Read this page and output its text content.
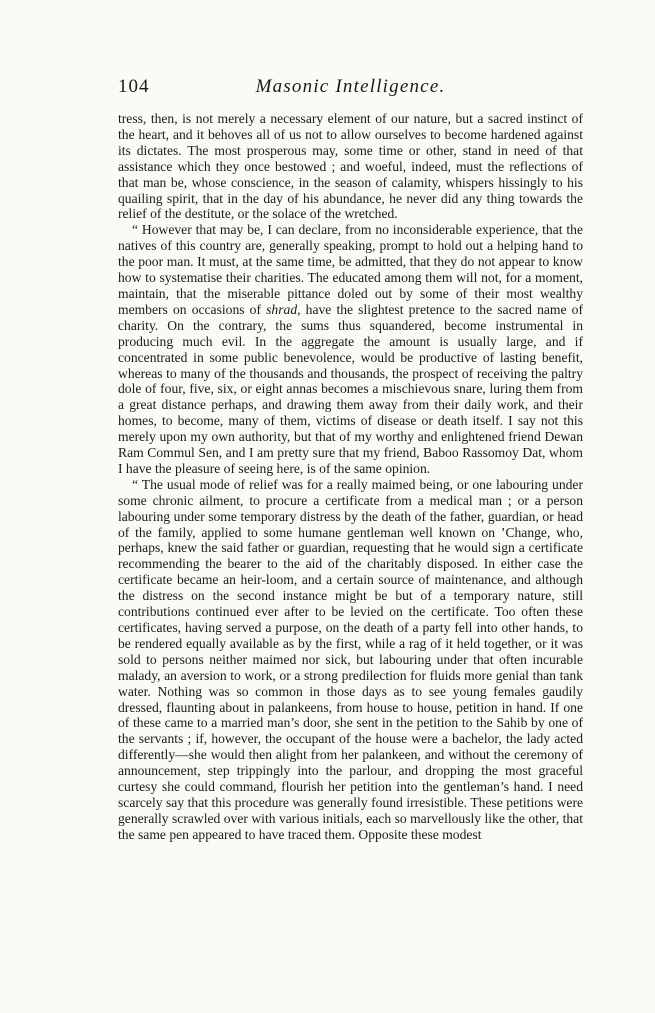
104	Masonic Intelligence.

tress, then, is not merely a necessary element of our nature, but a sacred instinct of the heart, and it behoves all of us not to allow ourselves to become hardened against its dictates. The most prosperous may, some time or other, stand in need of that assistance which they once bestowed ; and woeful, indeed, must the reflections of that man be, whose conscience, in the season of calamity, whispers hissingly to his quailing spirit, that in the day of his abundance, he never did any thing towards the relief of the destitute, or the solace of the wretched.

“ However that may be, I can declare, from no inconsiderable experience, that the natives of this country are, generally speaking, prompt to hold out a helping hand to the poor man. It must, at the same time, be admitted, that they do not appear to know how to systematise their charities. The educated among them will not, for a moment, maintain, that the miserable pittance doled out by some of their most wealthy members on occasions of shrad, have the slightest pretence to the sacred name of charity. On the contrary, the sums thus squandered, become instrumental in producing much evil. In the aggregate the amount is usually large, and if concentrated in some public benevolence, would be productive of lasting benefit, whereas to many of the thousands and thousands, the prospect of receiving the paltry dole of four, five, six, or eight annas becomes a mischievous snare, luring them from a great distance perhaps, and drawing them away from their daily work, and their homes, to become, many of them, victims of disease or death itself. I say not this merely upon my own authority, but that of my worthy and enlightened friend Dewan Ram Commul Sen, and I am pretty sure that my friend, Baboo Rassomoy Dat, whom I have the pleasure of seeing here, is of the same opinion.

“ The usual mode of relief was for a really maimed being, or one labouring under some chronic ailment, to procure a certificate from a medical man ; or a person labouring under some temporary distress by the death of the father, guardian, or head of the family, applied to some humane gentleman well known on ’Change, who, perhaps, knew the said father or guardian, requesting that he would sign a certificate recommending the bearer to the aid of the charitably disposed. In either case the certificate became an heir-loom, and a certain source of maintenance, and although the distress on the second instance might be but of a temporary nature, still contributions continued ever after to be levied on the certificate. Too often these certificates, having served a purpose, on the death of a party fell into other hands, to be rendered equally available as by the first, while a rag of it held together, or it was sold to persons neither maimed nor sick, but labouring under that often incurable malady, an aversion to work, or a strong predilection for fluids more genial than tank water. Nothing was so common in those days as to see young females gaudily dressed, flaunting about in palankeens, from house to house, petition in hand. If one of these came to a married man’s door, she sent in the petition to the Sahib by one of the servants ; if, however, the occupant of the house were a bachelor, the lady acted differently—she would then alight from her palankeen, and without the ceremony of announcement, step trippingly into the parlour, and dropping the most graceful curtesy she could command, flourish her petition into the gentleman’s hand. I need scarcely say that this procedure was generally found irresistible. These petitions were generally scrawled over with various initials, each so marvellously like the other, that the same pen appeared to have traced them. Opposite these modest
